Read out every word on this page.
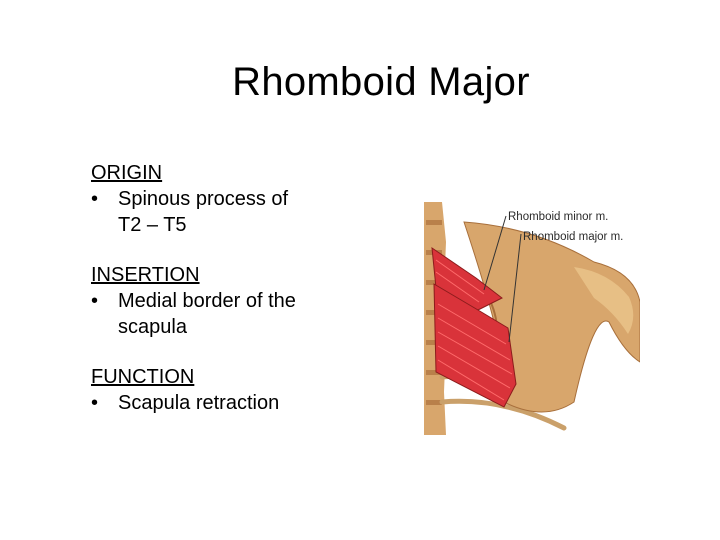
Rhomboid Major
ORIGIN
• Spinous process of
T2 – T5
INSERTION
• Medial border of the
scapula
FUNCTION
• Scapula retraction
Rhomboid minor m.
Rhomboid major m.
